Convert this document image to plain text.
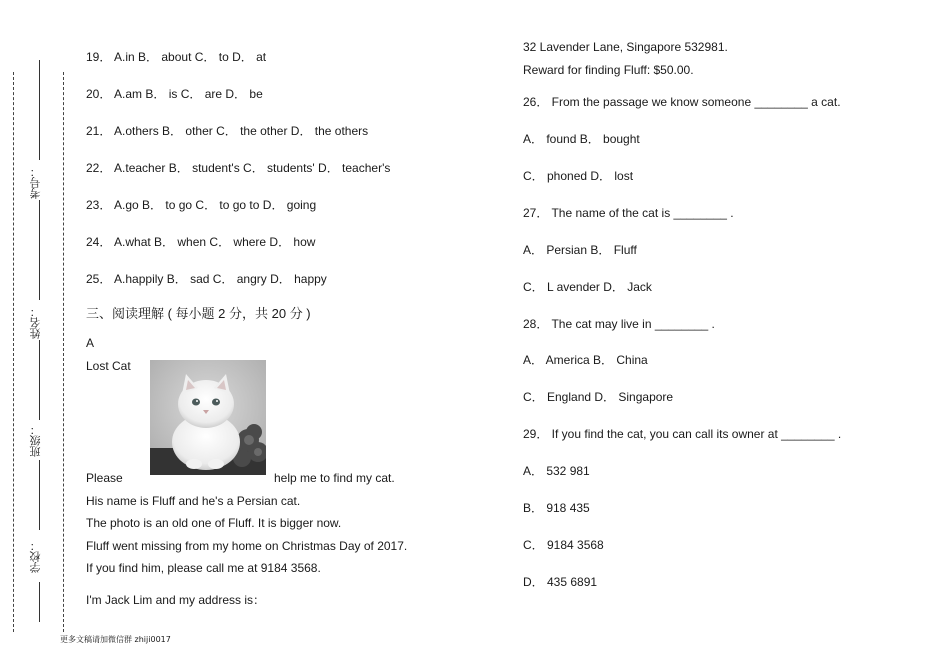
考号：
姓名：
班级：
学校：
19． A.in B． about C． to D． at
20． A.am B． is C． are D． be
21． A.others B． other C． the other D． the others
22． A.teacher B． student's C． students' D． teacher's
23． A.go B． to go C． to go to D． going
24． A.what B． when C． where D． how
25． A.happily B． sad C． angry D． happy
三、阅读理解 ( 每小题 2 分，共 20 分 )
A
Lost Cat
Please	help me to find my cat.
His name is Fluff and he's a Persian cat.
The photo is an old one of Fluff. It is bigger now.
Fluff went missing from my home on Christmas Day of 2017.
If you find him, please call me at 9184 3568.
I'm Jack Lim and my address is：
32 Lavender Lane, Singapore 532981.
Reward for finding Fluff: $50.00.
26． From the passage we know someone ________ a cat.
A． found B． bought
C． phoned D． lost
27． The name of the cat is ________ .
A． Persian B． Fluff
C． L avender D． Jack
28． The cat may live in ________ .
A． America B． China
C． England D． Singapore
29． If you find the cat, you can call its owner at ________ .
A． 532 981
B． 918 435
C． 9184 3568
D． 435 6891
更多文稿请加微信群 zhiji0017
